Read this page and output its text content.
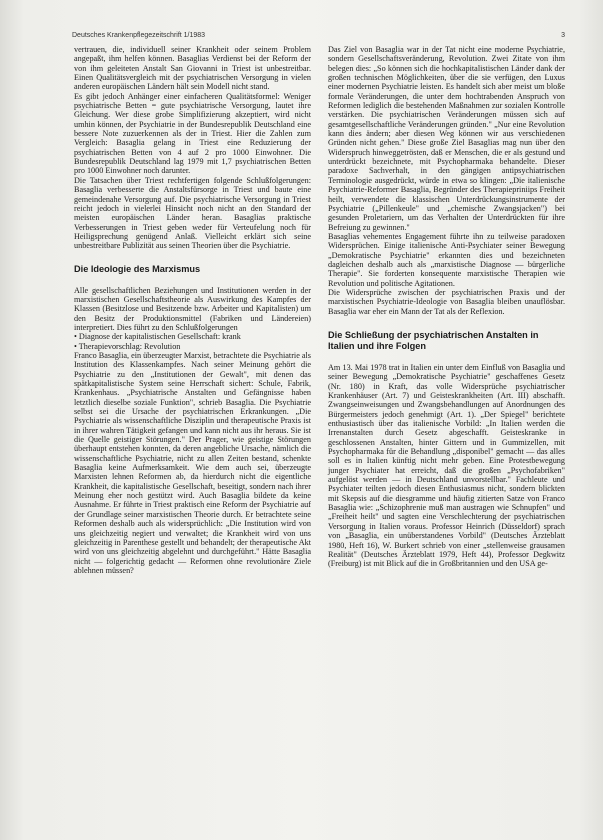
Deutsches Krankenpflegezeitschrift 1/1983	3

vertrauen, die, individuell seiner Krankheit oder seinem Problem angepaßt, ihm helfen können. Basaglias Verdienst bei der Reform der von ihm geleiteten Anstalt San Giovanni in Triest ist unbestreitbar. Einen Qualitätsvergleich mit der psychiatrischen Versorgung in vielen anderen europäischen Ländern hält sein Modell nicht stand.

Es gibt jedoch Anhänger einer einfacheren Qualitätsformel: Weniger psychiatrische Betten = gute psychiatrische Versorgung, lautet ihre Gleichung. Wer diese grobe Simplifizierung akzeptiert, wird nicht umhin können, der Psychiatrie in der Bundesrepublik Deutschland eine bessere Note zuzuerkennen als der in Triest. Hier die Zahlen zum Vergleich: Basaglia gelang in Triest eine Reduzierung der psychiatrischen Betten von 4 auf 2 pro 1000 Einwohner. Die Bundesrepublik Deutschland lag 1979 mit 1,7 psychiatrischen Betten pro 1000 Einwohner noch darunter.

Die Tatsachen über Triest rechtfertigen folgende Schlußfolgerungen: Basaglia verbesserte die Anstaltsfürsorge in Triest und baute eine gemeindenahe Versorgung auf. Die psychiatrische Versorgung in Triest reicht jedoch in vielerlei Hinsicht noch nicht an den Standard der meisten europäischen Länder heran. Basaglias praktische Verbesserungen in Triest geben weder für Verteufelung noch für Heiligsprechung genügend Anlaß. Vielleicht erklärt sich seine unbestreitbare Publizität aus seinen Theorien über die Psychiatrie.

Die Ideologie des Marxismus

Alle gesellschaftlichen Beziehungen und Institutionen werden in der marxistischen Gesellschaftstheorie als Auswirkung des Kampfes der Klassen (Besitzlose und Besitzende bzw. Arbeiter und Kapitalisten) um den Besitz der Produktionsmittel (Fabriken und Ländereien) interpretiert. Dies führt zu den Schlußfolgerungen

• Diagnose der kapitalistischen Gesellschaft: krank
• Therapievorschlag: Revolution

Franco Basaglia, ein überzeugter Marxist, betrachtete die Psychiatrie als Institution des Klassenkampfes. Nach seiner Meinung gehört die Psychiatrie zu den „Institutionen der Gewalt", mit denen das spätkapitalistische System seine Herrschaft sichert: Schule, Fabrik, Krankenhaus. „Psychiatrische Anstalten und Gefängnisse haben letztlich dieselbe soziale Funktion", schrieb Basaglia. Die Psychiatrie selbst sei die Ursache der psychiatrischen Erkrankungen. „Die Psychiatrie als wissenschaftliche Disziplin und therapeutische Praxis ist in ihrer wahren Tätigkeit gefangen und kann nicht aus ihr heraus. Sie ist die Quelle geistiger Störungen." Der Prager, wie geistige Störungen überhaupt entstehen konnten, da deren angebliche Ursache, nämlich die wissenschaftliche Psychiatrie, nicht zu allen Zeiten bestand, schenkte Basaglia keine Aufmerksamkeit. Wie dem auch sei, überzeugte Marxisten lehnen Reformen ab, da hierdurch nicht die eigentliche Krankheit, die kapitalistische Gesellschaft, beseitigt, sondern nach ihrer Meinung eher noch gestützt wird. Auch Basaglia bildete da keine Ausnahme. Er führte in Triest praktisch eine Reform der Psychiatrie auf der Grundlage seiner marxistischen Theorie durch. Er betrachtete seine Reformen deshalb auch als widersprüchlich: „Die Institution wird von uns gleichzeitig negiert und verwaltet; die Krankheit wird von uns gleichzeitig in Parenthese gestellt und behandelt; der therapeutische Akt wird von uns gleichzeitig abgelehnt und durchgeführt." Hätte Basaglia nicht — folgerichtig gedacht — Reformen ohne revolutionäre Ziele ablehnen müssen?

Das Ziel von Basaglia war in der Tat nicht eine moderne Psychiatrie, sondern Gesellschaftsveränderung, Revolution. Zwei Zitate von ihm belegen dies: „So können sich die hochkapitalistischen Länder dank der großen technischen Möglichkeiten, über die sie verfügen, den Luxus einer modernen Psychiatrie leisten. Es handelt sich aber meist um bloße formale Veränderungen, die unter dem hochtrabenden Anspruch von Reformen lediglich die bestehenden Maßnahmen zur sozialen Kontrolle verstärken. Die psychiatrischen Veränderungen müssen sich auf gesamtgesellschaftliche Veränderungen gründen." „Nur eine Revolution kann dies ändern; aber diesen Weg können wir aus verschiedenen Gründen nicht gehen." Diese große Ziel Basaglias mag nun über den Widerspruch hinweggetrösten, daß er Menschen, die er als gestund und unterdrückt bezeichnete, mit Psychopharmaka behandelte. Dieser paradoxe Sachverhalt, in den gängigen antipsychiatrischen Terminologie ausgedrückt, würde in etwa so klingen: „Die italienische Psychiatrie-Reformer Basaglia, Begründer des Therapiepriniips Freiheit heilt, verwendete die klassischen Unterdrückungsinstrumente der Psychiatrie („Pillenkeule" und „chemische Zwangsjacken") bei gesunden Proletariern, um das Verhalten der Unterdrückten für ihre Befreiung zu gewinnen."

Basaglias vehementes Engagement führte ihn zu teilweise paradoxen Widersprüchen. Einige italienische Anti-Psychiater seiner Bewegung „Demokratische Psychiatrie" erkannten dies und bezeichneten dagleichen deshalb auch als „marxistische Diagnose — bürgerliche Therapie". Sie forderten konsequente marxistische Therapien wie Revolution und politische Agitationen.

Die Widersprüche zwischen der psychiatrischen Praxis und der marxistischen Psychiatrie-Ideologie von Basaglia bleiben unauflösbar. Basaglia war eher ein Mann der Tat als der Reflexion.

Die Schließung der psychiatrischen Anstalten in Italien und ihre Folgen

Am 13. Mai 1978 trat in Italien ein unter dem Einfluß von Basaglia und seiner Bewegung „Demokratische Psychiatrie" geschaffenes Gesetz (Nr. 180) in Kraft, das volle Widersprüche psychiatrischer Krankenhäuser (Art. 7) und Geisteskrankheiten (Art. III) abschafft. Zwangseinweisungen und Zwangsbehandlungen auf Anordnungen des Bürgermeisters jedoch genehmigt (Art. 1). „Der Spiegel" berichtete enthusiastisch über das italienische Vorbild: „In Italien werden die Irrenanstalten durch Gesetz abgeschafft. Geisteskranke in geschlossenen Anstalten, hinter Gittern und in Gummizellen, mit Psychopharmaka für die Behandlung „disponibel" gemacht — das alles soll es in Italien künftig nicht mehr geben. Eine Protestbewegung junger Psychiater hat erreicht, daß die großen „Psychofabriken" aufgelöst werden — in Deutschland unvorstellbar." Fachleute und Psychiater teilten jedoch diesen Enthusiasmus nicht, sondern blickten mit Skepsis auf die diesgramme und häufig zitierten Satze von Franco Basaglia wie: „Schizophrenie muß man austragen wie Schnupfen" und „Freiheit heilt" und sagten eine Verschlechterung der psychiatrischen Versorgung in Italien voraus. Professor Heinrich (Düsseldorf) sprach von „Basaglia, ein unüberstandenes Vorbild" (Deutsches Ärzteblatt 1980, Heft 16), W. Burkert schrieb von einer „stellenweise grausamen Realität" (Deutsches Ärzteblatt 1979, Heft 44), Professor Degkwitz (Freiburg) ist mit Blick auf die in Großbritannien und den USA ge-
